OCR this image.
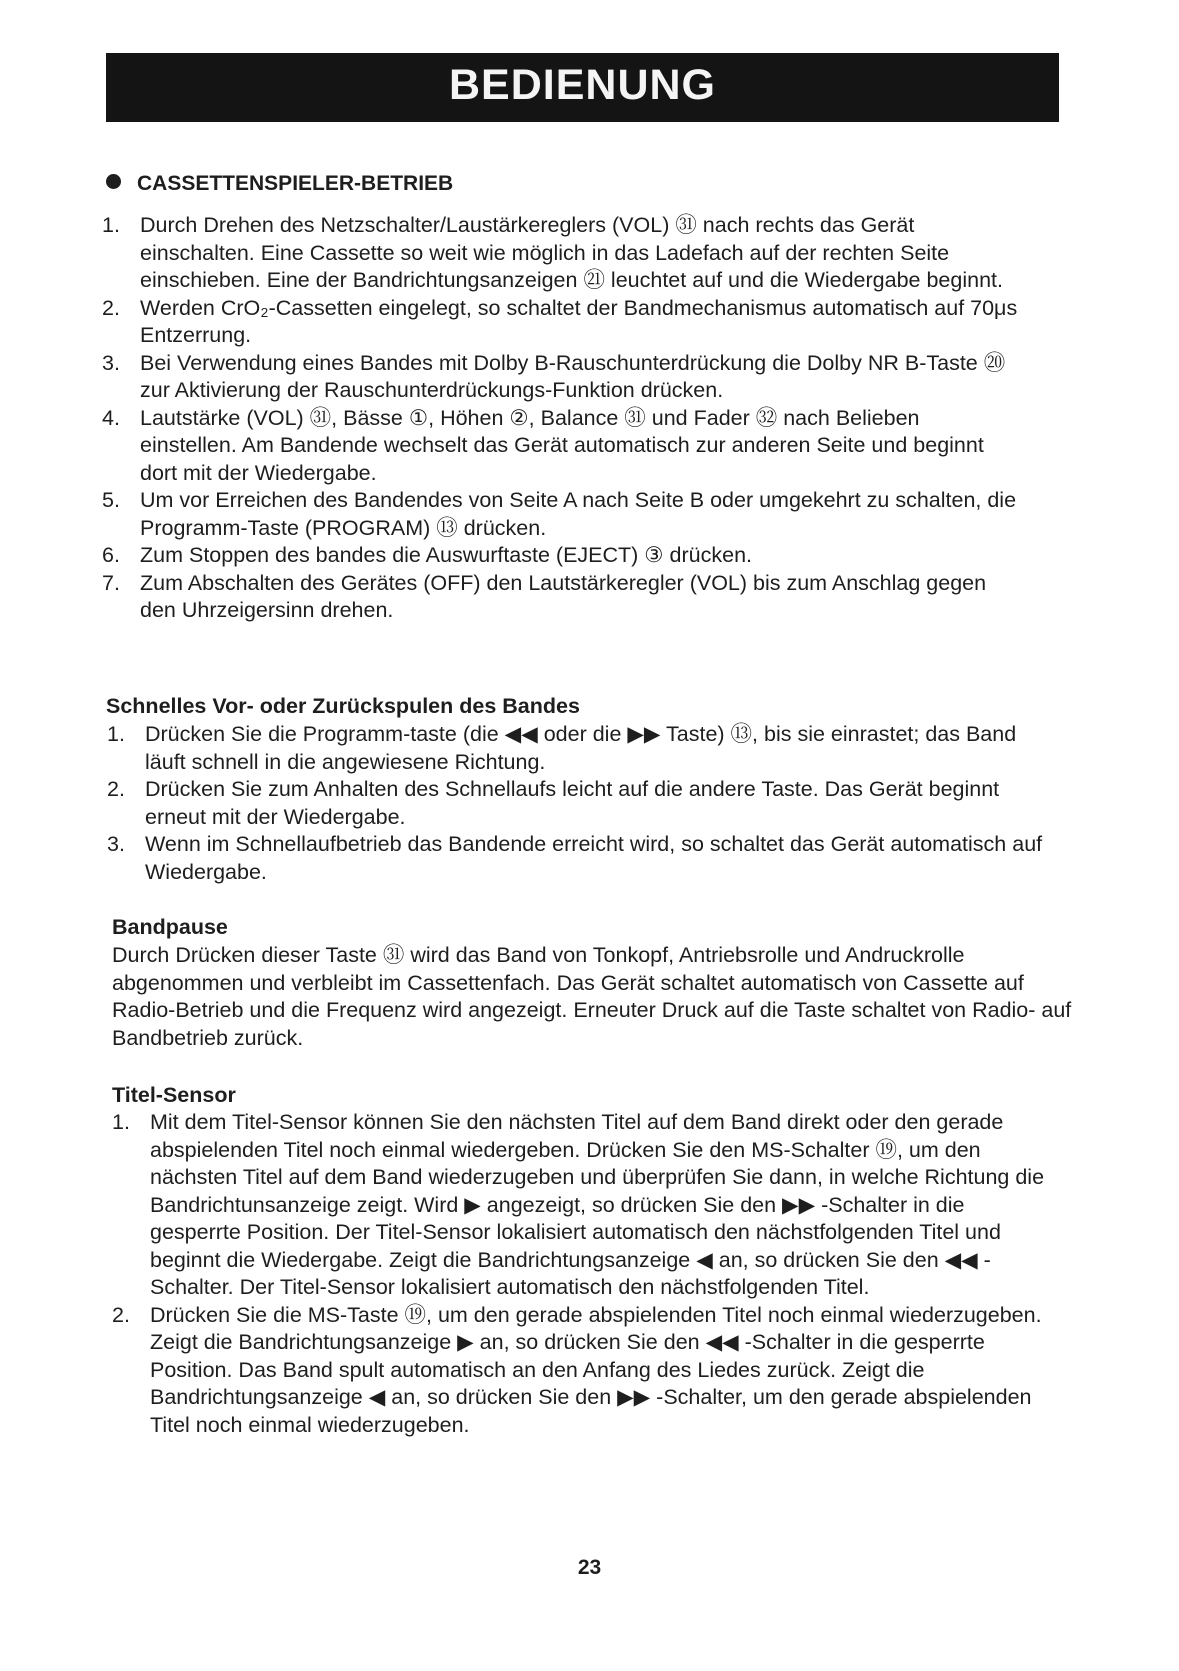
BEDIENUNG
CASSETTENSPIELER-BETRIEB
1. Durch Drehen des Netzschalter/Laustärkereglers (VOL) ㉛ nach rechts das Gerät einschalten. Eine Cassette so weit wie möglich in das Ladefach auf der rechten Seite einschieben. Eine der Bandrichtungsanzeigen ㉑ leuchtet auf und die Wiedergabe beginnt.
2. Werden CrO₂-Cassetten eingelegt, so schaltet der Bandmechanismus automatisch auf 70μs Entzerrung.
3. Bei Verwendung eines Bandes mit Dolby B-Rauschunterdrückung die Dolby NR B-Taste ⑳ zur Aktivierung der Rauschunterdrückungs-Funktion drücken.
4. Lautstärke (VOL) ㉛, Bässe ①, Höhen ②, Balance ㉛ und Fader ㉜ nach Belieben einstellen. Am Bandende wechselt das Gerät automatisch zur anderen Seite und beginnt dort mit der Wiedergabe.
5. Um vor Erreichen des Bandendes von Seite A nach Seite B oder umgekehrt zu schalten, die Programm-Taste (PROGRAM) ⑬ drücken.
6. Zum Stoppen des bandes die Auswurftaste (EJECT) ③ drücken.
7. Zum Abschalten des Gerätes (OFF) den Lautstärkeregler (VOL) bis zum Anschlag gegen den Uhrzeigersinn drehen.
Schnelles Vor- oder Zurückspulen des Bandes
1. Drücken Sie die Programm-taste (die ◀◀ oder die ▶▶ Taste) ⑬, bis sie einrastet; das Band läuft schnell in die angewiesene Richtung.
2. Drücken Sie zum Anhalten des Schnellaufs leicht auf die andere Taste. Das Gerät beginnt erneut mit der Wiedergabe.
3. Wenn im Schnellaufbetrieb das Bandende erreicht wird, so schaltet das Gerät automatisch auf Wiedergabe.
Bandpause
Durch Drücken dieser Taste ㉛ wird das Band von Tonkopf, Antriebsrolle und Andruckrolle abgenommen und verbleibt im Cassettenfach. Das Gerät schaltet automatisch von Cassette auf Radio-Betrieb und die Frequenz wird angezeigt. Erneuter Druck auf die Taste schaltet von Radio- auf Bandbetrieb zurück.
Titel-Sensor
1. Mit dem Titel-Sensor können Sie den nächsten Titel auf dem Band direkt oder den gerade abspielenden Titel noch einmal wiedergeben. Drücken Sie den MS-Schalter ⑲, um den nächsten Titel auf dem Band wiederzugeben und überprüfen Sie dann, in welche Richtung die Bandrichtunsanzeige zeigt. Wird ▶ angezeigt, so drücken Sie den ▶▶ -Schalter in die gesperrte Position. Der Titel-Sensor lokalisiert automatisch den nächstfolgenden Titel und beginnt die Wiedergabe. Zeigt die Bandrichtungsanzeige ◀ an, so drücken Sie den ◀◀ -Schalter. Der Titel-Sensor lokalisiert automatisch den nächstfolgenden Titel.
2. Drücken Sie die MS-Taste ⑲, um den gerade abspielenden Titel noch einmal wiederzugeben. Zeigt die Bandrichtungsanzeige ▶ an, so drücken Sie den ◀◀ -Schalter in die gesperrte Position. Das Band spult automatisch an den Anfang des Liedes zurück. Zeigt die Bandrichtungsanzeige ◀ an, so drücken Sie den ▶▶ -Schalter, um den gerade abspielenden Titel noch einmal wiederzugeben.
23
